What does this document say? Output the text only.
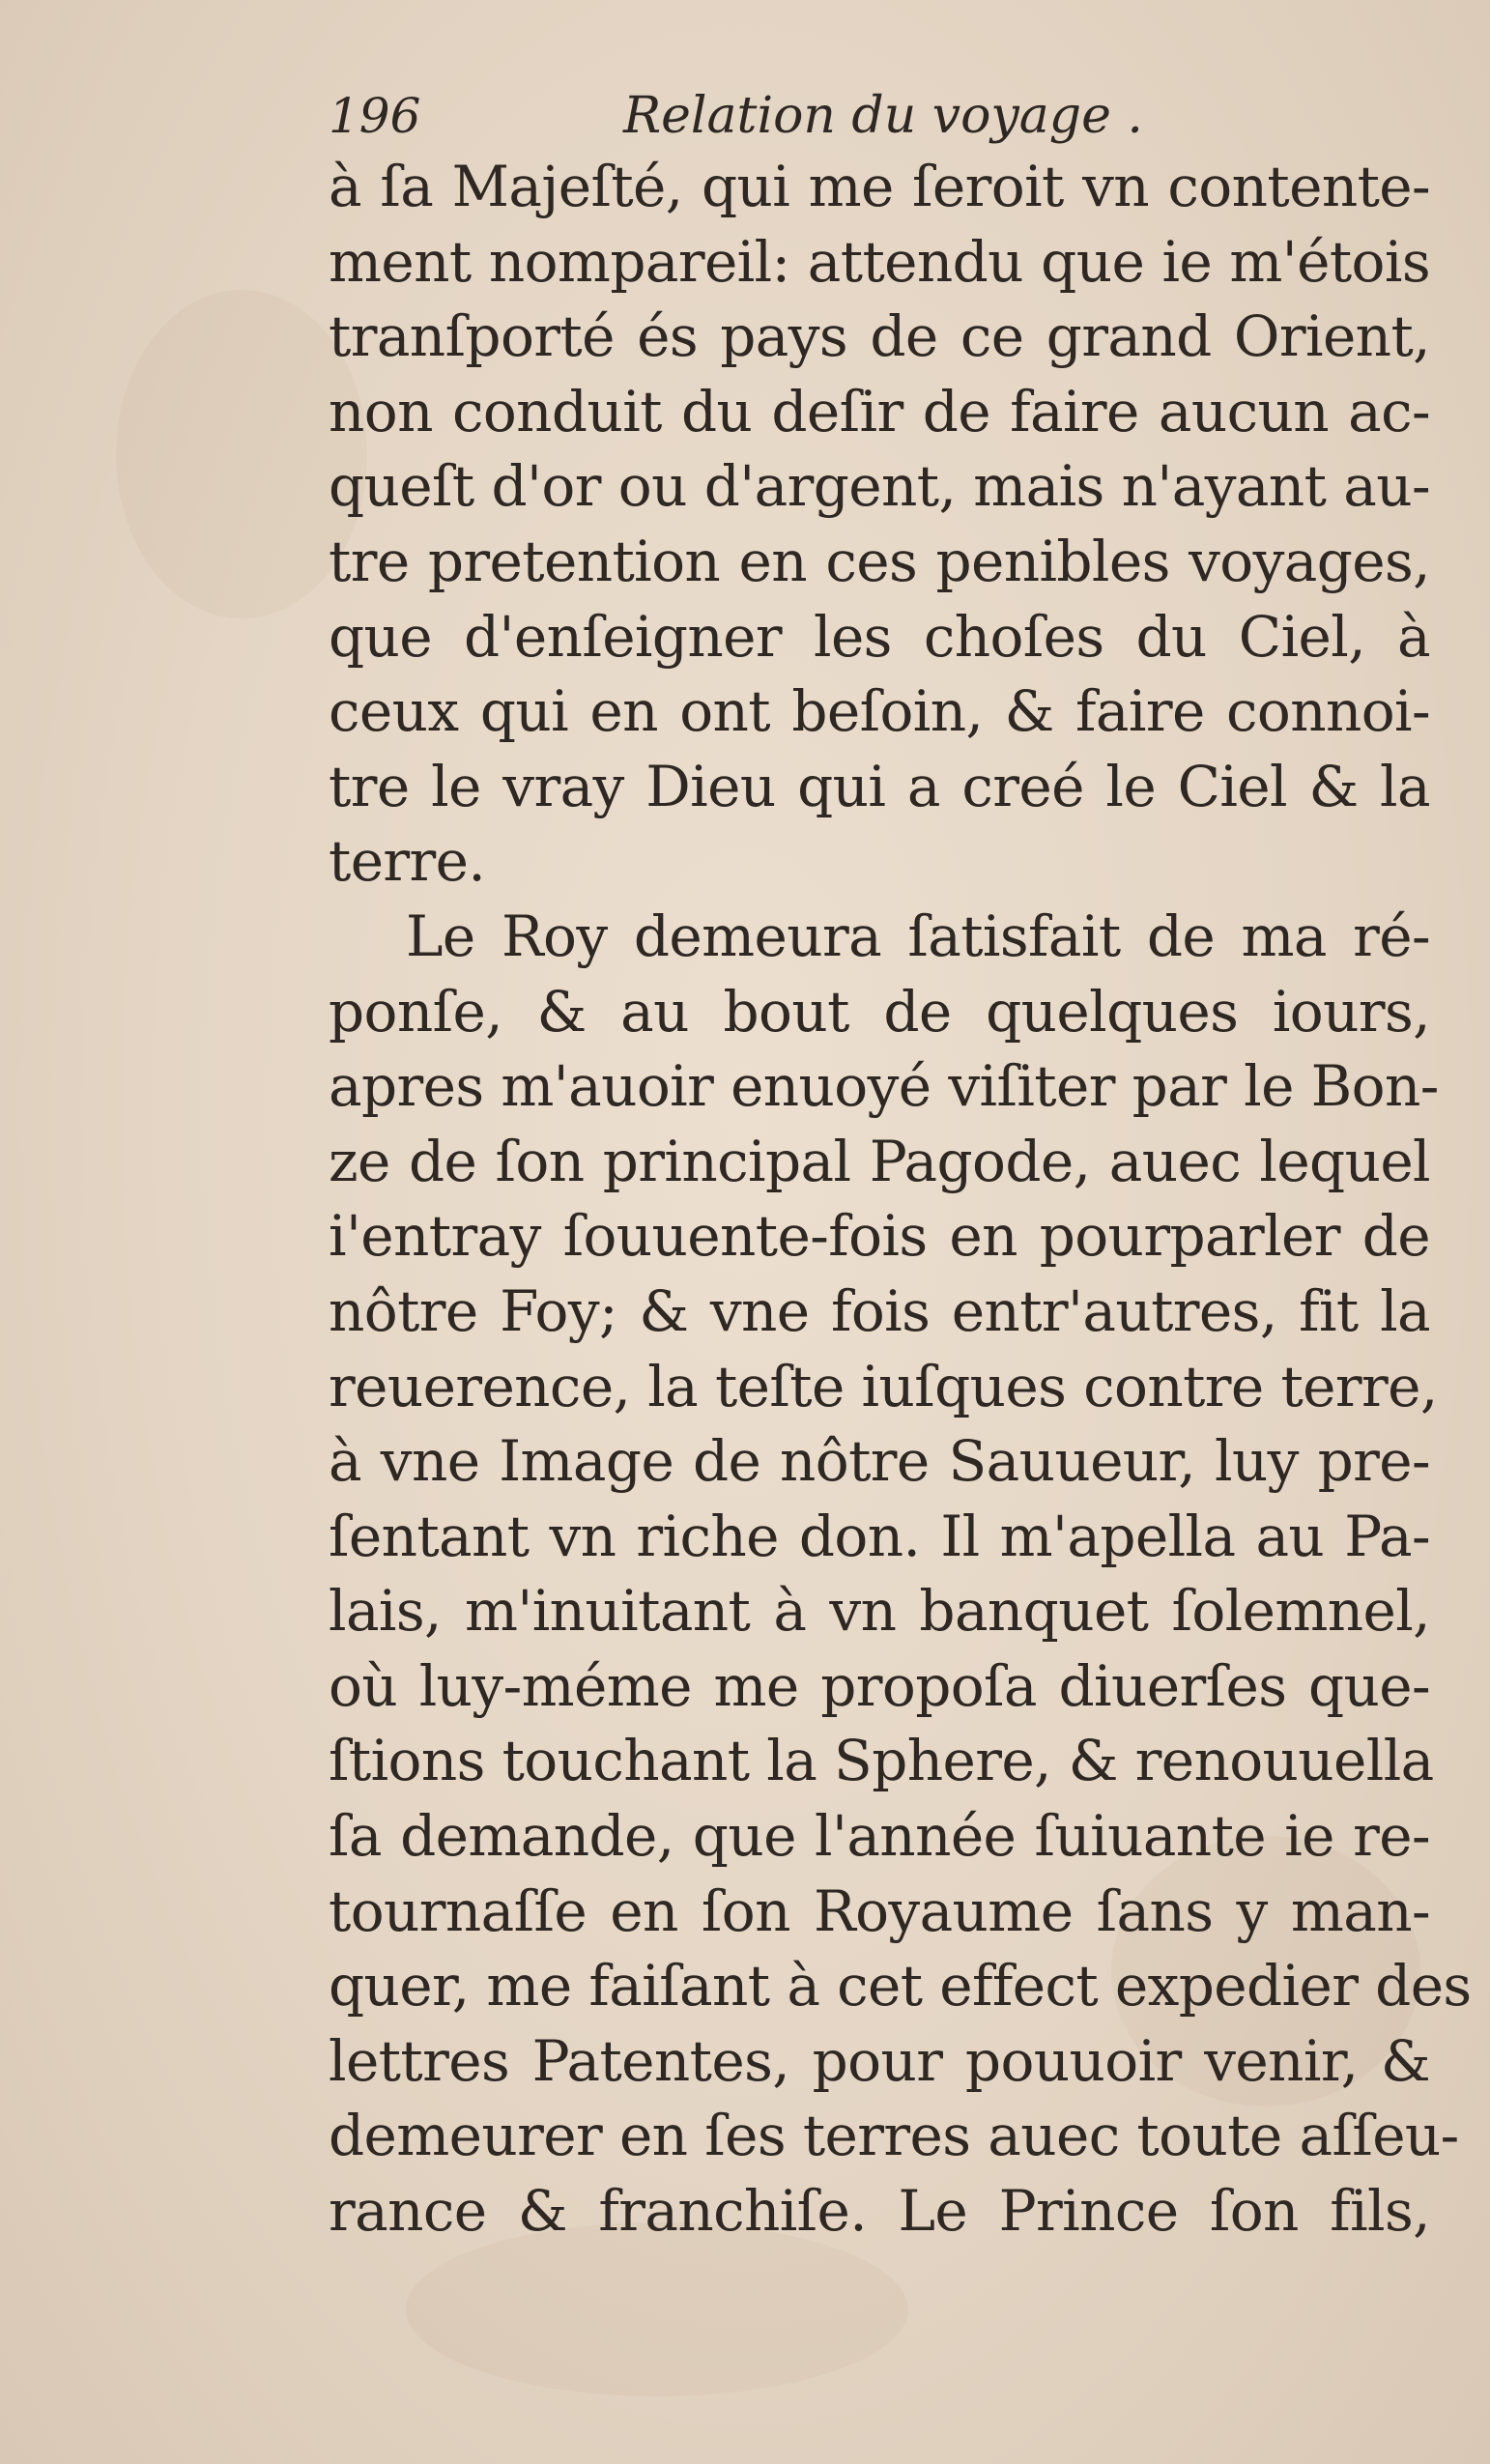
196	Relation du voyage .
à ſa Majeſté, qui me ſeroit vn contente-
ment nompareil: attendu que ie m'étois
tranſporté és pays de ce grand Orient,
non conduit du deſir de faire aucun ac-
queſt d'or ou d'argent, mais n'ayant au-
tre pretention en ces penibles voyages,
que d'enſeigner les choſes du Ciel, à
ceux qui en ont beſoin, & faire connoi-
tre le vray Dieu qui a creé le Ciel & la
terre.
Le Roy demeura ſatisfait de ma ré-
ponſe, & au bout de quelques iours,
apres m'auoir enuoyé viſiter par le Bon-
ze de ſon principal Pagode, auec lequel
i'entray ſouuente-fois en pourparler de
nôtre Foy; & vne fois entr'autres, fit la
reuerence, la teſte iuſques contre terre,
à vne Image de nôtre Sauueur, luy pre-
ſentant vn riche don. Il m'apella au Pa-
lais, m'inuitant à vn banquet ſolemnel,
où luy-méme me propoſa diuerſes que-
ſtions touchant la Sphere, & renouuella
ſa demande, que l'année ſuiuante ie re-
tournaſſe en ſon Royaume ſans y man-
quer, me faiſant à cet effect expedier des
lettres Patentes, pour pouuoir venir, &
demeurer en ſes terres auec toute aſſeu-
rance & franchiſe. Le Prince ſon fils,
